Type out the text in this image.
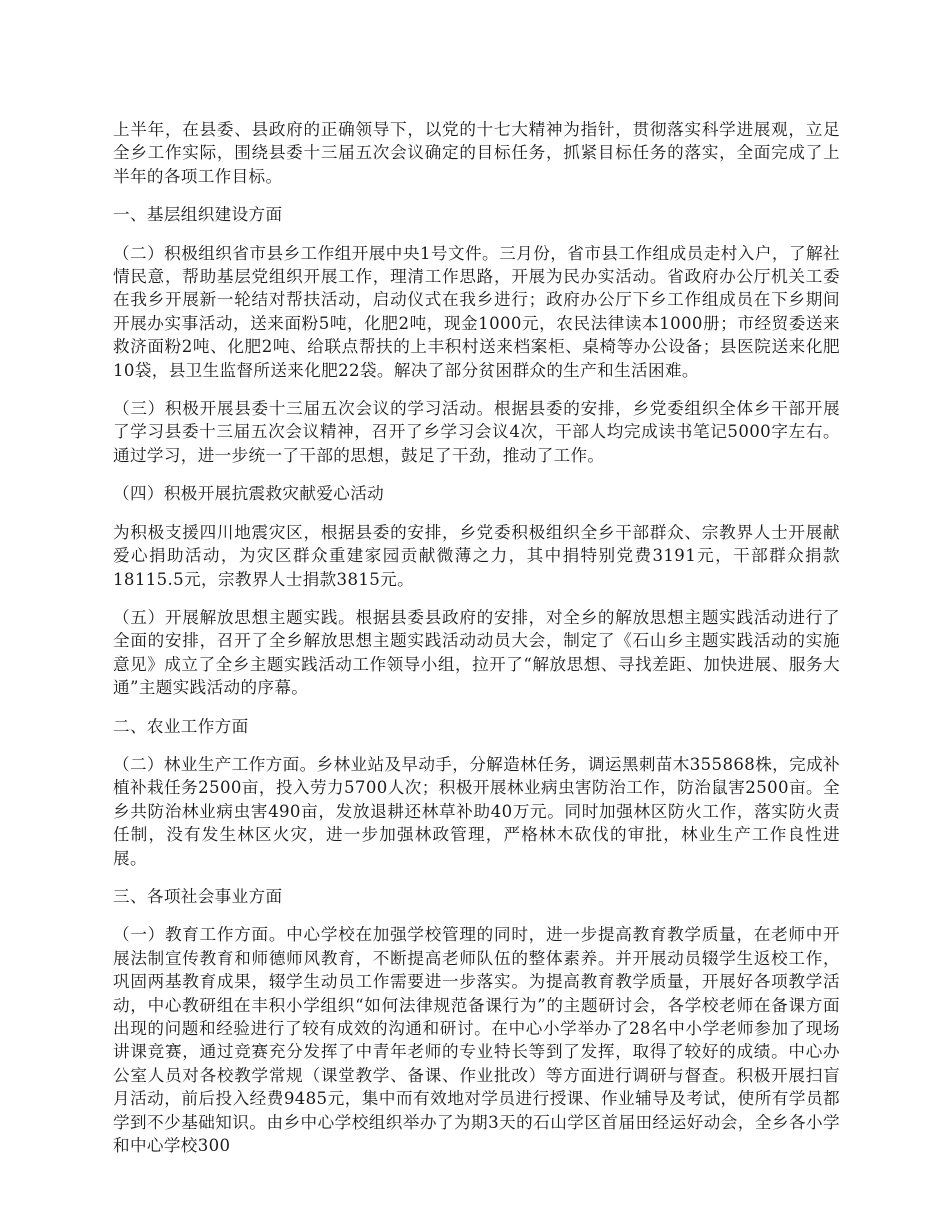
上半年，在县委、县政府的正确领导下，以党的十七大精神为指针，贯彻落实科学进展观，立足全乡工作实际，围绕县委十三届五次会议确定的目标任务，抓紧目标任务的落实，全面完成了上半年的各项工作目标。

一、基层组织建设方面

（二）积极组织省市县乡工作组开展中央1号文件。三月份，省市县工作组成员走村入户，了解社情民意，帮助基层党组织开展工作，理清工作思路，开展为民办实活动。省政府办公厅机关工委在我乡开展新一轮结对帮扶活动，启动仪式在我乡进行；政府办公厅下乡工作组成员在下乡期间开展办实事活动，送来面粉5吨，化肥2吨，现金1000元，农民法律读本1000册；市经贸委送来救济面粉2吨、化肥2吨、给联点帮扶的上丰积村送来档案柜、桌椅等办公设备；县医院送来化肥10袋，县卫生监督所送来化肥22袋。解决了部分贫困群众的生产和生活困难。

（三）积极开展县委十三届五次会议的学习活动。根据县委的安排，乡党委组织全体乡干部开展了学习县委十三届五次会议精神，召开了乡学习会议4次，干部人均完成读书笔记5000字左右。通过学习，进一步统一了干部的思想，鼓足了干劲，推动了工作。

（四）积极开展抗震救灾献爱心活动

为积极支援四川地震灾区，根据县委的安排，乡党委积极组织全乡干部群众、宗教界人士开展献爱心捐助活动，为灾区群众重建家园贡献微薄之力，其中捐特别党费3191元，干部群众捐款18115.5元，宗教界人士捐款3815元。

（五）开展解放思想主题实践。根据县委县政府的安排，对全乡的解放思想主题实践活动进行了全面的安排，召开了全乡解放思想主题实践活动动员大会，制定了《石山乡主题实践活动的实施意见》成立了全乡主题实践活动工作领导小组，拉开了“解放思想、寻找差距、加快进展、服务大通”主题实践活动的序幕。

二、农业工作方面

（二）林业生产工作方面。乡林业站及早动手，分解造林任务，调运黑刺苗木355868株，完成补植补栽任务2500亩，投入劳力5700人次；积极开展林业病虫害防治工作，防治鼠害2500亩。全乡共防治林业病虫害490亩，发放退耕还林草补助40万元。同时加强林区防火工作，落实防火责任制，没有发生林区火灾，进一步加强林政管理，严格林木砍伐的审批，林业生产工作良性进展。

三、各项社会事业方面

（一）教育工作方面。中心学校在加强学校管理的同时，进一步提高教育教学质量，在老师中开展法制宣传教育和师德师风教育，不断提高老师队伍的整体素养。并开展动员辍学生返校工作，巩固两基教育成果，辍学生动员工作需要进一步落实。为提高教育教学质量，开展好各项教学活动，中心教研组在丰积小学组织“如何法律规范备课行为”的主题研讨会，各学校老师在备课方面出现的问题和经验进行了较有成效的沟通和研讨。在中心小学举办了28名中小学老师参加了现场讲课竞赛，通过竞赛充分发挥了中青年老师的专业特长等到了发挥，取得了较好的成绩。中心办公室人员对各校教学常规（课堂教学、备课、作业批改）等方面进行调研与督查。积极开展扫盲月活动，前后投入经费9485元，集中而有效地对学员进行授课、作业辅导及考试，使所有学员都学到不少基础知识。由乡中心学校组织举办了为期3天的石山学区首届田经运好动会，全乡各小学和中心学校300
